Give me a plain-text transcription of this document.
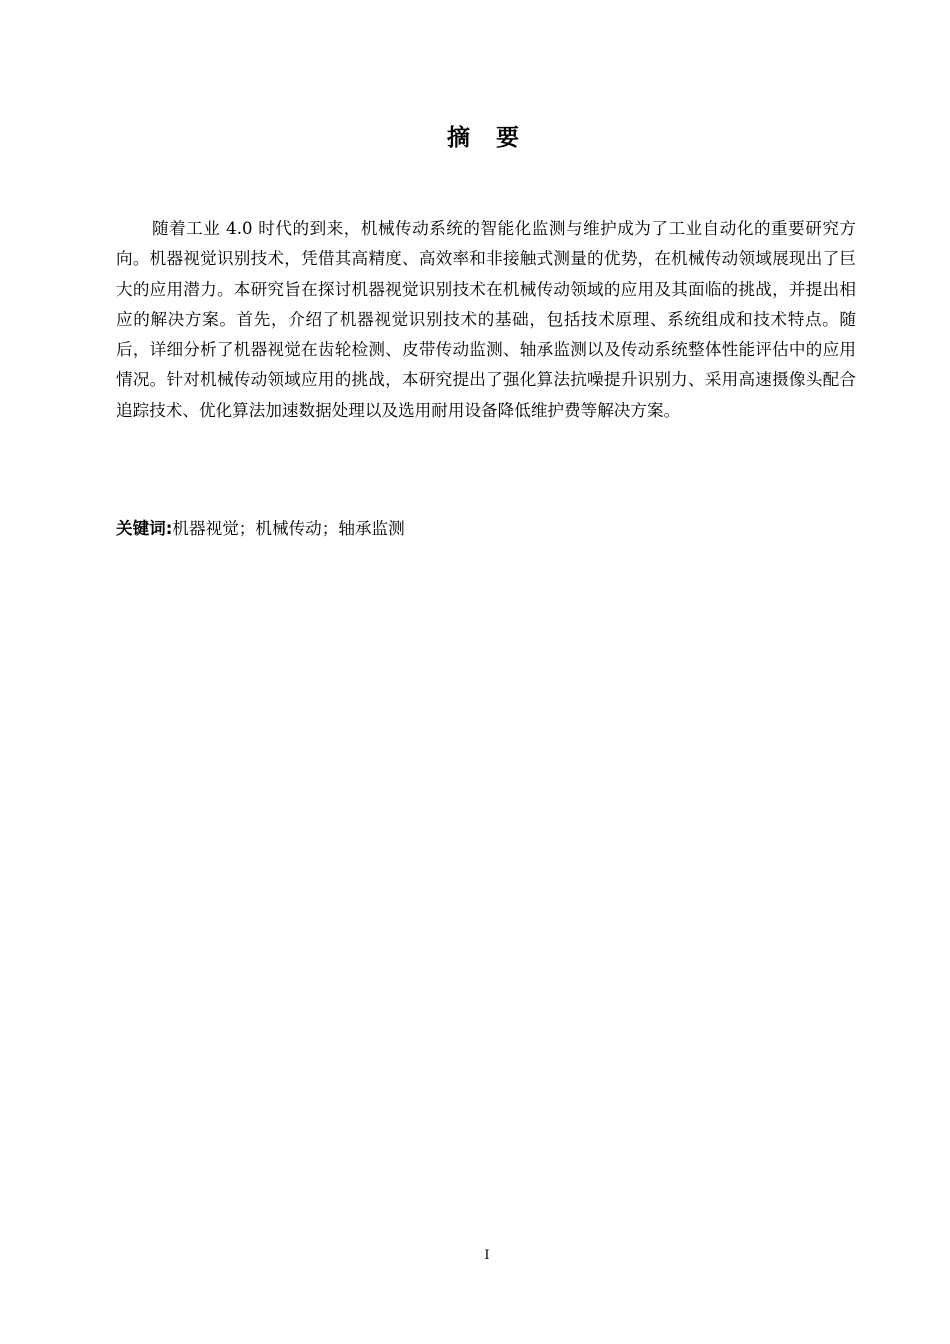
摘 要

随着工业 4.0 时代的到来，机械传动系统的智能化监测与维护成为了工业自动化的重要研究方向。机器视觉识别技术，凭借其高精度、高效率和非接触式测量的优势，在机械传动领域展现出了巨大的应用潜力。本研究旨在探讨机器视觉识别技术在机械传动领域的应用及其面临的挑战，并提出相应的解决方案。首先，介绍了机器视觉识别技术的基础，包括技术原理、系统组成和技术特点。随后，详细分析了机器视觉在齿轮检测、皮带传动监测、轴承监测以及传动系统整体性能评估中的应用情况。针对机械传动领域应用的挑战，本研究提出了强化算法抗噪提升识别力、采用高速摄像头配合追踪技术、优化算法加速数据处理以及选用耐用设备降低维护费等解决方案。

关键词:机器视觉；机械传动；轴承监测

I
